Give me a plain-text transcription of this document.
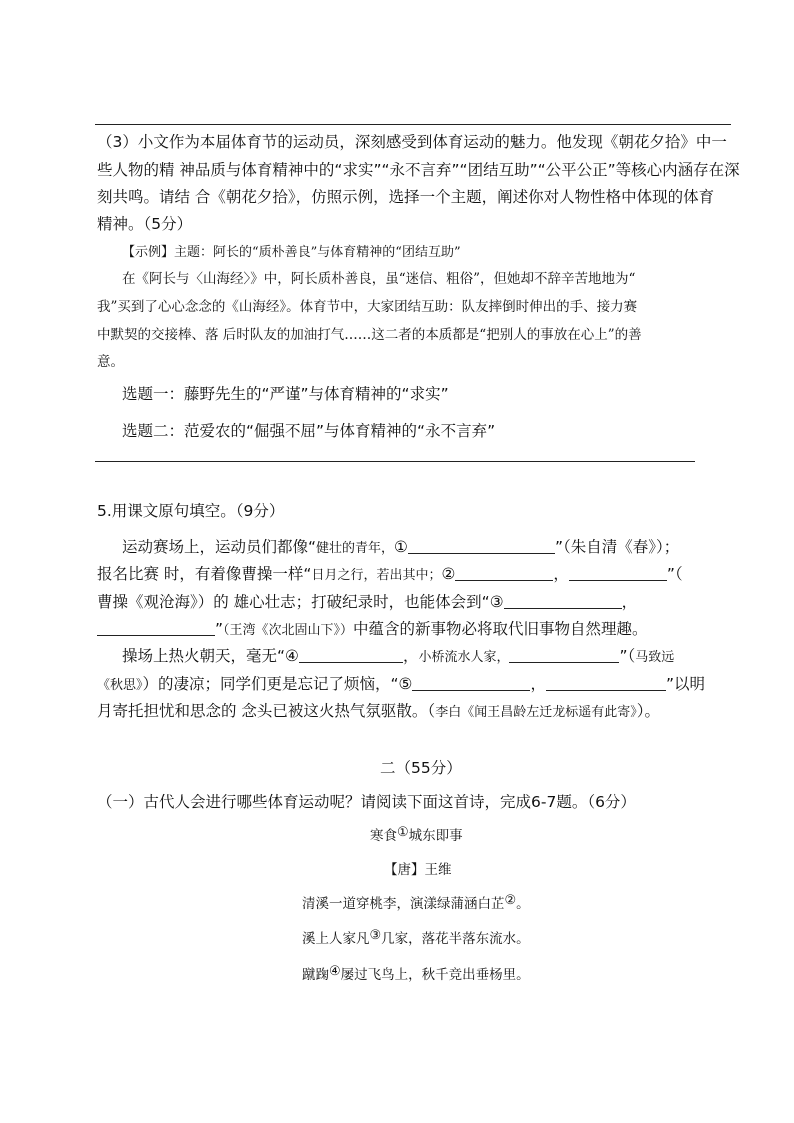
（3）小文作为本届体育节的运动员，深刻感受到体育运动的魅力。他发现《朝花夕拾》中一
些人物的精 神品质与体育精神中的“求实”“永不言弃”“团结互助”“公平公正”等核心内涵存在深
刻共鸣。请结 合《朝花夕拾》，仿照示例，选择一个主题，阐述你对人物性格中体现的体育
精神。（5分）
【示例】主题：阿长的“质朴善良”与体育精神的“团结互助”
在《阿长与〈山海经〉》中，阿长质朴善良，虽“迷信、粗俗”，但她却不辞辛苦地地为“
我”买到了心心念念的《山海经》。体育节中，大家团结互助：队友摔倒时伸出的手、接力赛
中默契的交接棒、落 后时队友的加油打气……这二者的本质都是“把别人的事放在心上”的善
意。
选题一：藤野先生的“严谨”与体育精神的“求实”
选题二：范爱农的“倔强不屈”与体育精神的“永不言弃”
5.用课文原句填空。（9分）
运动赛场上，运动员们都像“健壮的青年，①	”（朱自清《春》）；
报名比赛 时，有着像曹操一样“日月之行，若出其中；②	，	”（
曹操《观沧海》）的 雄心壮志；打破纪录时，也能体会到“③	，
”（王湾《次北固山下》）中蕴含的新事物必将取代旧事物自然理趣。
操场上热火朝天，毫无“④	，小桥流水人家，	”（马致远
《秋思》）的凄凉；同学们更是忘记了烦恼，“⑤	，	”以明
月寄托担忧和思念的 念头已被这火热气氛驱散。（李白《闻王昌龄左迁龙标遥有此寄》）。
二（55分）
（一）古代人会进行哪些体育运动呢？请阅读下面这首诗，完成6-7题。（6分）
寒食①城东即事
【唐】王维
清溪一道穿桃李，演漾绿蒲涵白芷②。
溪上人家凡③几家，落花半落东流水。
蹴踘④屡过飞鸟上，秋千竞出垂杨里。
